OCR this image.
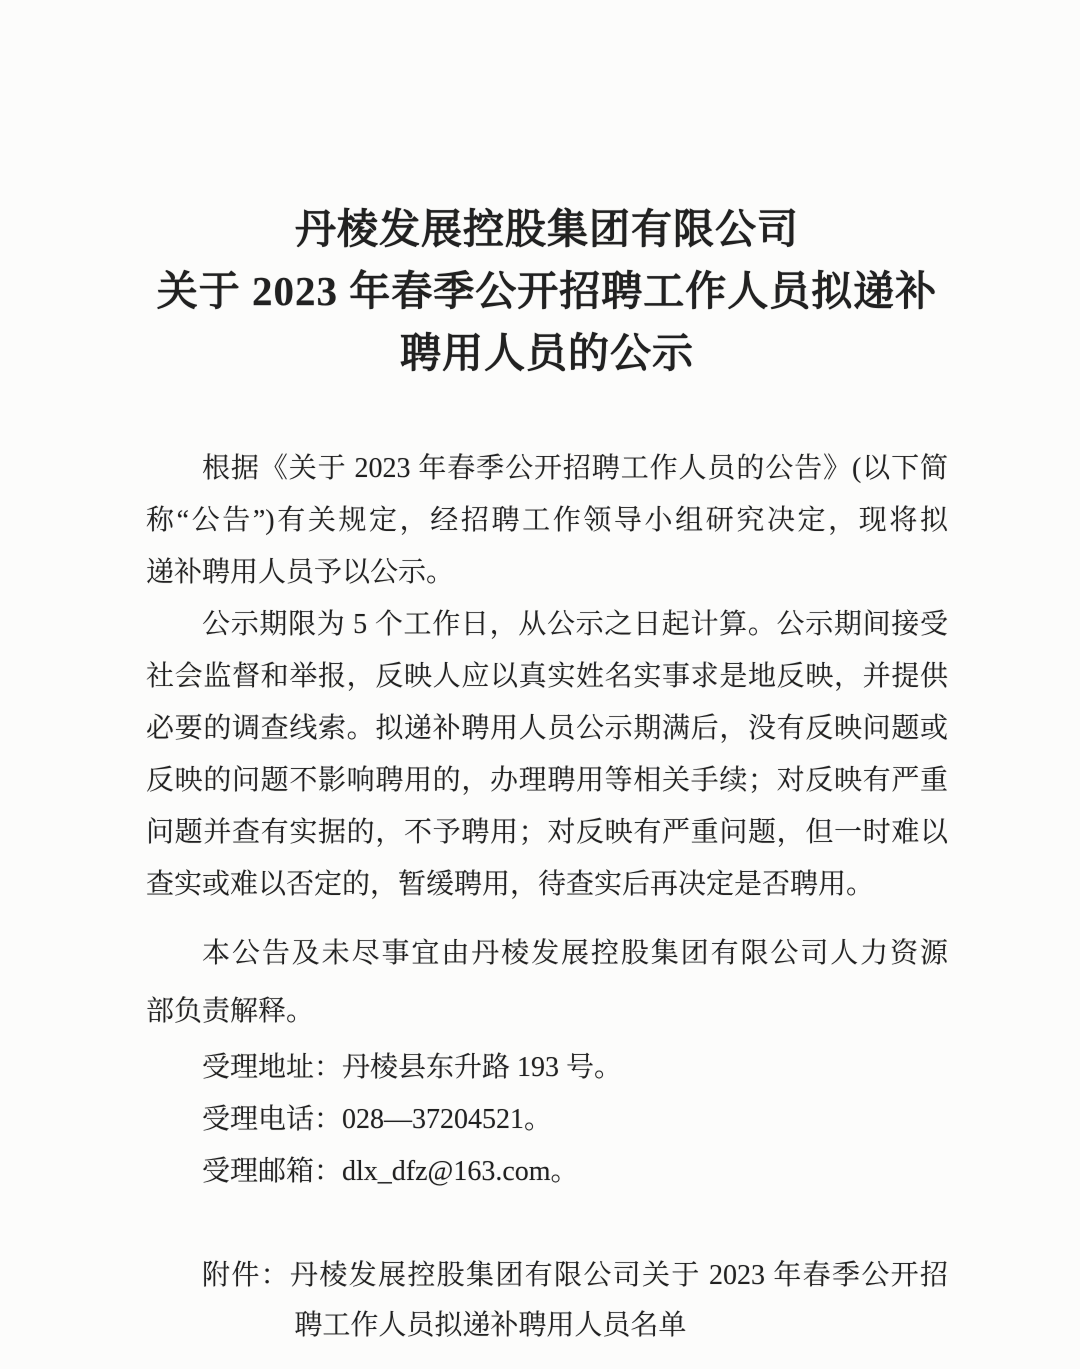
丹棱发展控股集团有限公司
关于 2023 年春季公开招聘工作人员拟递补
聘用人员的公示
根据《关于 2023 年春季公开招聘工作人员的公告》(以下简
称“公告”)有关规定，经招聘工作领导小组研究决定，现将拟
递补聘用人员予以公示。
公示期限为 5 个工作日，从公示之日起计算。公示期间接受
社会监督和举报，反映人应以真实姓名实事求是地反映，并提供
必要的调查线索。拟递补聘用人员公示期满后，没有反映问题或
反映的问题不影响聘用的，办理聘用等相关手续；对反映有严重
问题并查有实据的，不予聘用；对反映有严重问题，但一时难以
查实或难以否定的，暂缓聘用，待查实后再决定是否聘用。
本公告及未尽事宜由丹棱发展控股集团有限公司人力资源
部负责解释。
受理地址：丹棱县东升路 193 号。
受理电话：028—37204521。
受理邮箱：dlx_dfz@163.com。
附件：丹棱发展控股集团有限公司关于 2023 年春季公开招
聘工作人员拟递补聘用人员名单
